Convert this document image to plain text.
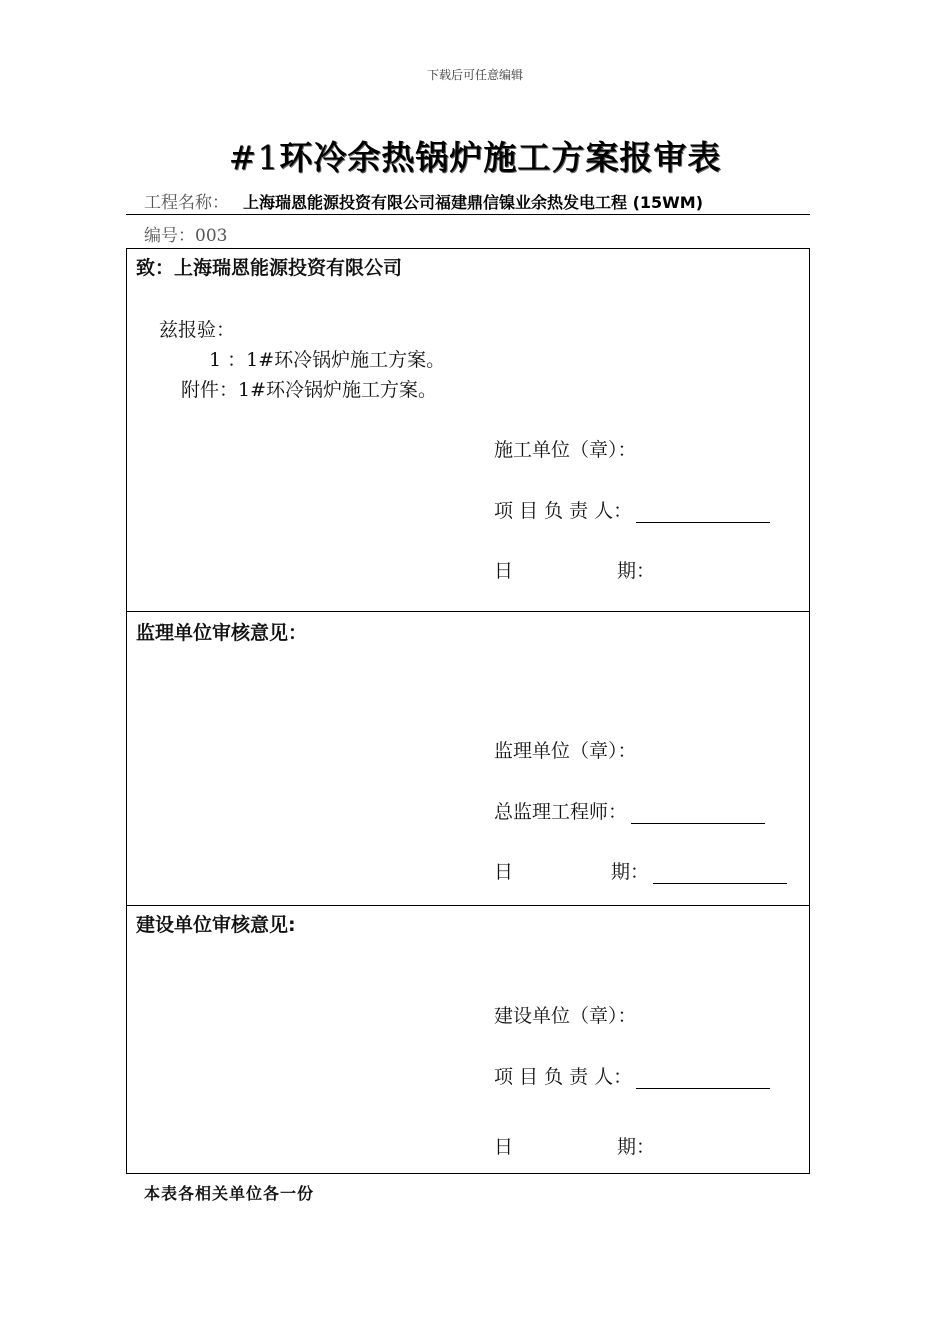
下载后可任意编辑
#1环冷余热锅炉施工方案报审表
工程名称： 上海瑞恩能源投资有限公司福建鼎信镍业余热发电工程 (15WM)
编号：003
致：上海瑞恩能源投资有限公司
兹报验：
1 ：1#环冷锅炉施工方案。
附件：1#环冷锅炉施工方案。
施工单位（章）：
项 目 负 责 人：
日	期：
监理单位审核意见：
监理单位（章）：
总监理工程师：
日	期：
建设单位审核意见:
建设单位（章）：
项 目 负 责 人：
日	期：
本表各相关单位各一份
